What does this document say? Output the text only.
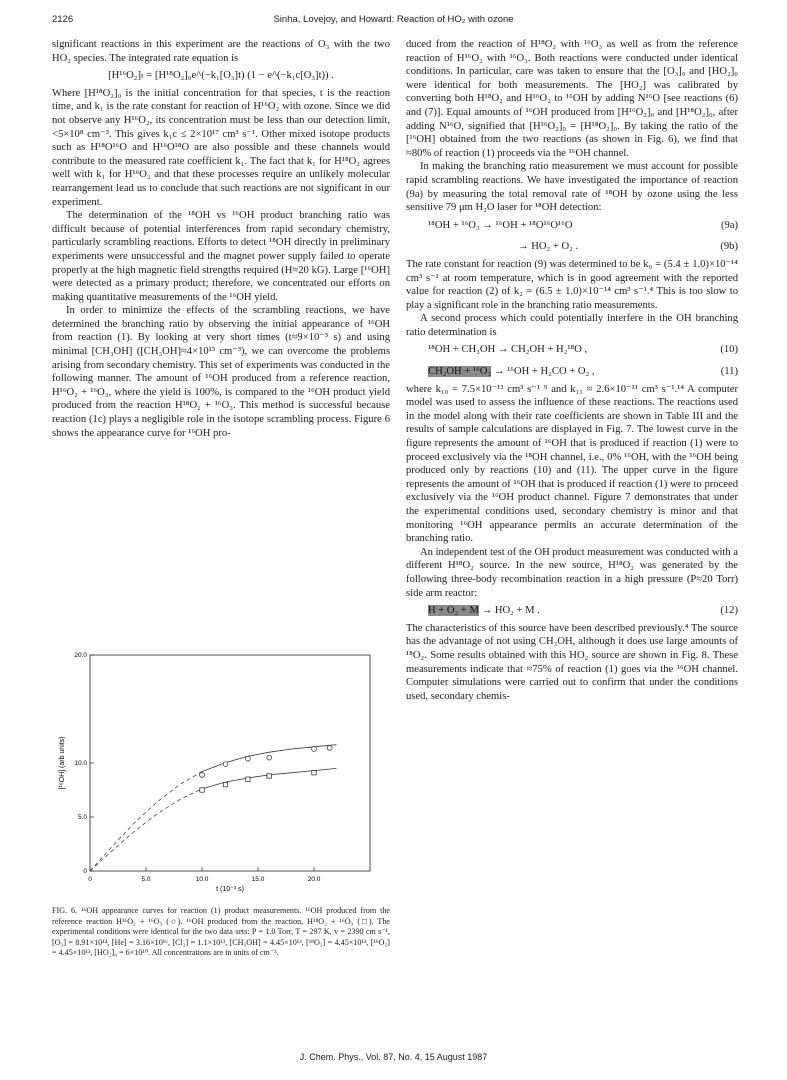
2126	Sinha, Lovejoy, and Howard: Reaction of HO₂ with ozone

significant reactions in this experiment are the reactions of O₃ with the two HO₂ species. The integrated rate equation is

[H¹⁶O₂]ₜ = [H¹⁸O₂]₀e^(−k₁[O₃]t) (1 − e^(−k₁c[O₃]t)) .

Where [H¹⁸O₂]₀ is the initial concentration for that species, t is the reaction time, and k₁ is the rate constant for reaction of H¹⁶O₂ with ozone. Since we did not observe any H¹⁶O₂, its concentration must be less than our detection limit, <5×10⁸ cm⁻³. This gives k₁c ≤ 2×10¹⁷ cm³ s⁻¹. Other mixed isotope products such as H¹⁸O¹⁶O and H¹⁶O¹⁸O are also possible and these channels would contribute to the measured rate coefficient k₁. The fact that k₁ for H¹⁸O₂ agrees well with k₁ for H¹⁶O₂ and that these processes require an unlikely molecular rearrangement lead us to conclude that such reactions are not significant in our experiment.

The determination of the ¹⁸OH vs ¹⁶OH product branching ratio was difficult because of potential interferences from rapid secondary chemistry, particularly scrambling reactions. Efforts to detect ¹⁸OH directly in preliminary experiments were unsuccessful and the magnet power supply failed to operate properly at the high magnetic field strengths required (H≈20 kG). Large [¹⁶OH] were detected as a primary product; therefore, we concentrated our efforts on making quantitative measurements of the ¹⁶OH yield.

In order to minimize the effects of the scrambling reactions, we have determined the branching ratio by observing the initial appearance of ¹⁶OH from reaction (1). By looking at very short times (t≈9×10⁻³ s) and using minimal [CH₃OH] ([CH₃OH]≈4×10¹³ cm⁻³), we can overcome the problems arising from secondary chemistry. This set of experiments was conducted in the following manner. The amount of ¹⁶OH produced from a reference reaction, H¹⁶O₂ + ¹⁶O₃, where the yield is 100%, is compared to the ¹⁶OH product yield produced from the reaction H¹⁸O₂ + ¹⁶O₃. This method is successful because reaction (1c) plays a negligible role in the isotope scrambling process. Figure 6 shows the appearance curve for ¹⁶OH pro-

0	5.0	10.0	15.0	20.0
0
5.0
10.0
20.0
t (10⁻³ s)
[¹⁶OH] (arb units)
FIG. 6. ¹⁶OH appearance curves for reaction (1) product measurements. ¹⁶OH produced from the reference reaction H¹⁶O₂ + ¹⁶O₃ (○). ¹⁶OH produced from the reaction, H¹⁸O₂ + ¹⁶O₃ (□). The experimental conditions were identical for the two data sets: P = 1.0 Torr, T = 297 K, v = 2390 cm s⁻¹, [O₃] = 8.91×10¹⁴, [He] = 3.16×10¹⁶, [Cl₂] = 1.1×10¹³, [CH₃OH] = 4.45×10¹³, [¹⁸O₂] = 4.45×10¹³, [¹⁶O₂] = 4.45×10¹³, [HO₂]₀ = 6×10¹⁰. All concentrations are in units of cm⁻³.

duced from the reaction of H¹⁸O₂ with ¹⁶O₃ as well as from the reference reaction of H¹⁶O₂ with ¹⁶O₃. Both reactions were conducted under identical conditions. In particular, care was taken to ensure that the [O₃]₀ and [HO₂]₀ were identical for both measurements. The [HO₂] was calibrated by converting both H¹⁸O₂ and H¹⁶O₂ to ¹⁶OH by adding N¹⁶O [see reactions (6) and (7)]. Equal amounts of ¹⁶OH produced from [H¹⁶O₂]₀ and [H¹⁸O₂]₀, after adding N¹⁶O, signified that [H¹⁶O₂]₀ = [H¹⁸O₂]₀. By taking the ratio of the [¹⁶OH] obtained from the two reactions (as shown in Fig. 6), we find that ≈80% of reaction (1) proceeds via the ¹⁶OH channel.

In making the branching ratio measurement we must account for possible rapid scrambling reactions. We have investigated the importance of reaction (9a) by measuring the total removal rate of ¹⁸OH by ozone using the less sensitive 79 μm H₂O laser for ¹⁸OH detection:

¹⁸OH + ¹⁶O₃ → ¹⁶OH + ¹⁸O¹⁶O¹⁶O	(9a)
→ HO₂ + O₂ .	(9b)

The rate constant for reaction (9) was determined to be k₉ = (5.4 ± 1.0)×10⁻¹⁴ cm³ s⁻¹ at room temperature, which is in good agreement with the reported value for reaction (2) of k₂ = (6.5 ± 1.0)×10⁻¹⁴ cm³ s⁻¹.⁴ This is too slow to play a significant role in the branching ratio measurements.

A second process which could potentially interfere in the OH branching ratio determination is

¹⁸OH + CH₃OH → CH₂OH + H₂¹⁸O ,	(10)
CH₂OH + ¹⁶O₃ → ¹⁶OH + H₂CO + O₂ ,	(11)

where k₁₀ = 7.5×10⁻¹³ cm³ s⁻¹ ⁹ and k₁₁ ≈ 2.6×10⁻¹¹ cm³ s⁻¹.¹⁴ A computer model was used to assess the influence of these reactions. The reactions used in the model along with their rate coefficients are shown in Table III and the results of sample calculations are displayed in Fig. 7. The lowest curve in the figure represents the amount of ¹⁶OH that is produced if reaction (1) were to proceed exclusively via the ¹⁸OH channel, i.e., 0% ¹⁶OH, with the ¹⁶OH being produced only by reactions (10) and (11). The upper curve in the figure represents the amount of ¹⁶OH that is produced if reaction (1) were to proceed exclusively via the ¹⁶OH product channel. Figure 7 demonstrates that under the experimental conditions used, secondary chemistry is minor and that monitoring ¹⁶OH appearance permits an accurate determination of the branching ratio.

An independent test of the OH product measurement was conducted with a different H¹⁸O₂ source. In the new source, H¹⁸O₂ was generated by the following three-body recombination reaction in a high pressure (P≈20 Torr) side arm reactor:

H + O₂ + M → HO₂ + M .	(12)

The characteristics of this source have been described previously.⁴ The source has the advantage of not using CH₃OH, although it does use large amounts of ¹⁸O₂. Some results obtained with this HO₂ source are shown in Fig. 8. These measurements indicate that ≈75% of reaction (1) goes via the ¹⁶OH channel. Computer simulations were carried out to confirm that under the conditions used, secondary chemis-

J. Chem. Phys., Vol. 87, No. 4, 15 August 1987
